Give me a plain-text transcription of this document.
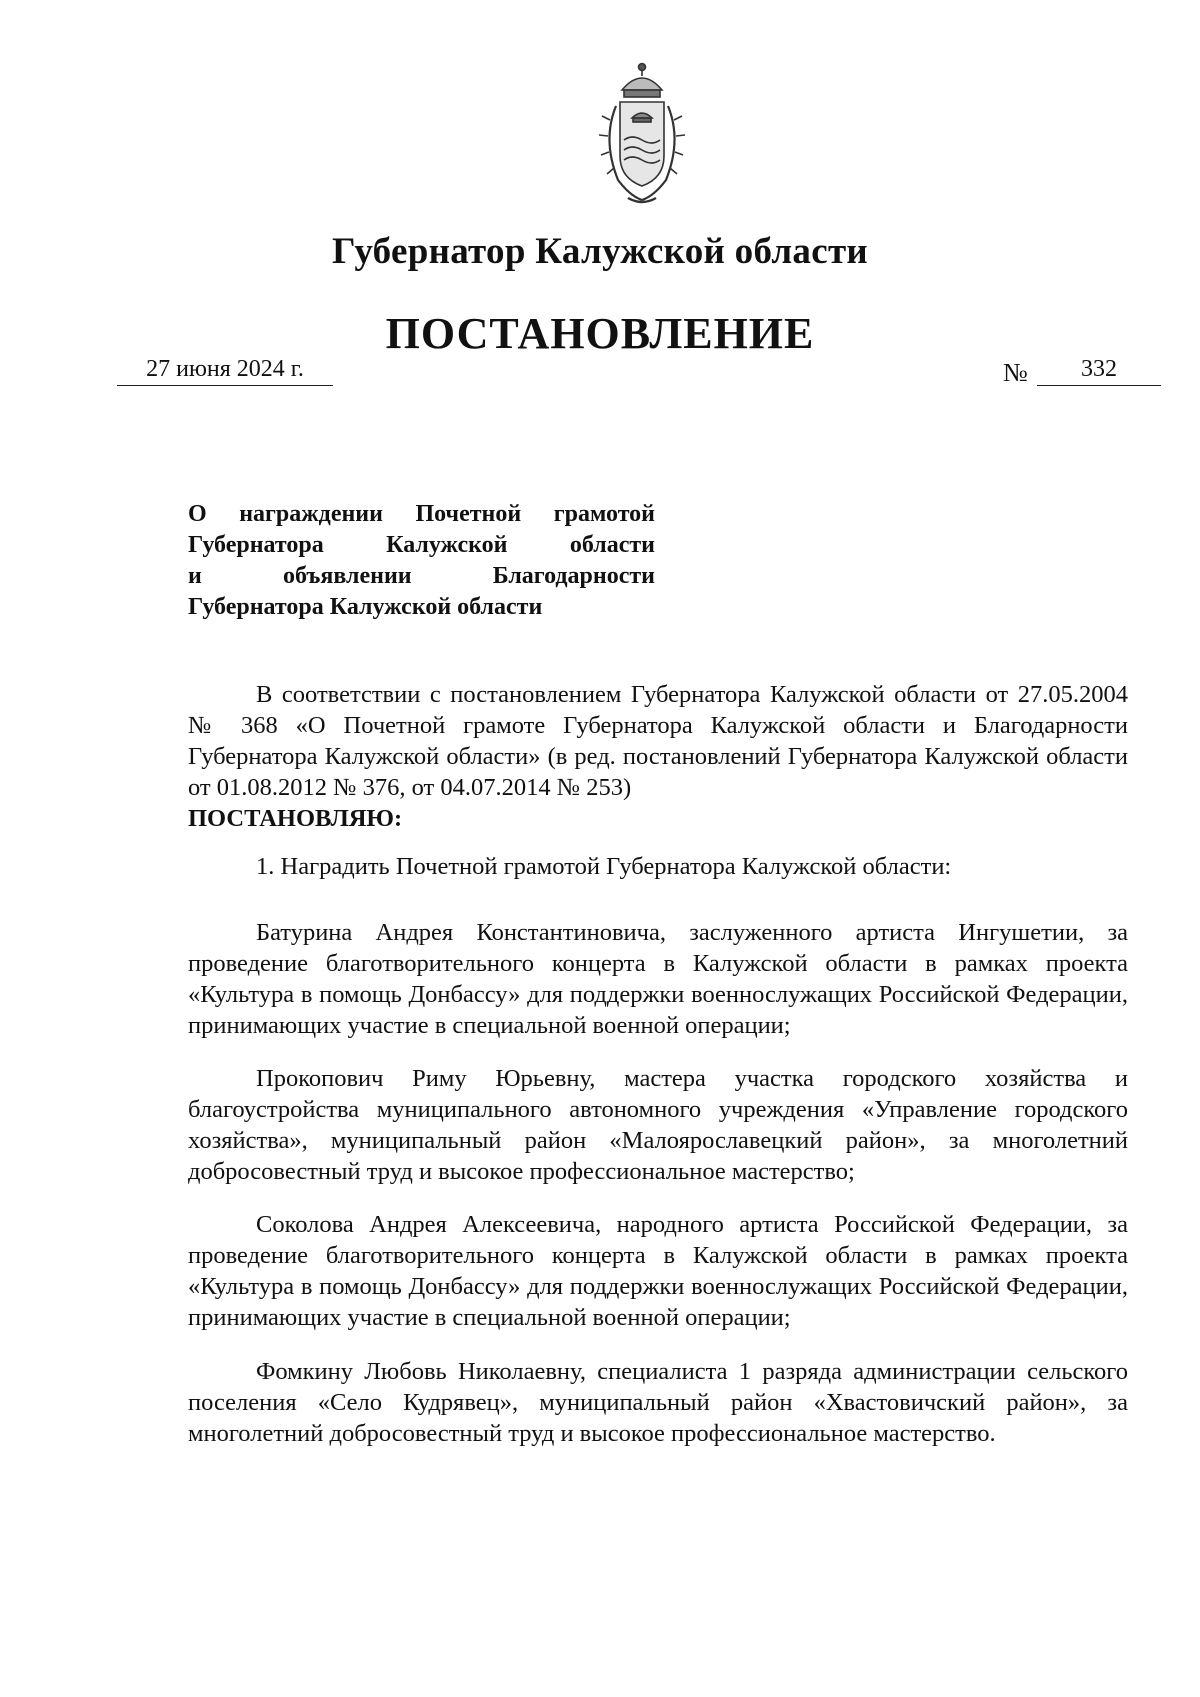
Губернатор Калужской области
ПОСТАНОВЛЕНИЕ
27 июня 2024 г.	№	332
О награждении Почетной грамотой
Губернатора Калужской области
и объявлении Благодарности
Губернатора Калужской области

В соответствии с постановлением Губернатора Калужской области от 27.05.2004 № 368 «О Почетной грамоте Губернатора Калужской области и Благодарности Губернатора Калужской области» (в ред. постановлений Губернатора Калужской области от 01.08.2012 № 376, от 04.07.2014 № 253)

ПОСТАНОВЛЯЮ:

1. Наградить Почетной грамотой Губернатора Калужской области:

Батурина Андрея Константиновича, заслуженного артиста Ингушетии, за проведение благотворительного концерта в Калужской области в рамках проекта «Культура в помощь Донбассу» для поддержки военнослужащих Российской Федерации, принимающих участие в специальной военной операции;

Прокопович Риму Юрьевну, мастера участка городского хозяйства и благоустройства муниципального автономного учреждения «Управление городского хозяйства», муниципальный район «Малоярославецкий район», за многолетний добросовестный труд и высокое профессиональное мастерство;

Соколова Андрея Алексеевича, народного артиста Российской Федерации, за проведение благотворительного концерта в Калужской области в рамках проекта «Культура в помощь Донбассу» для поддержки военнослужащих Российской Федерации, принимающих участие в специальной военной операции;

Фомкину Любовь Николаевну, специалиста 1 разряда администрации сельского поселения «Село Кудрявец», муниципальный район «Хвастовичский район», за многолетний добросовестный труд и высокое профессиональное мастерство.
